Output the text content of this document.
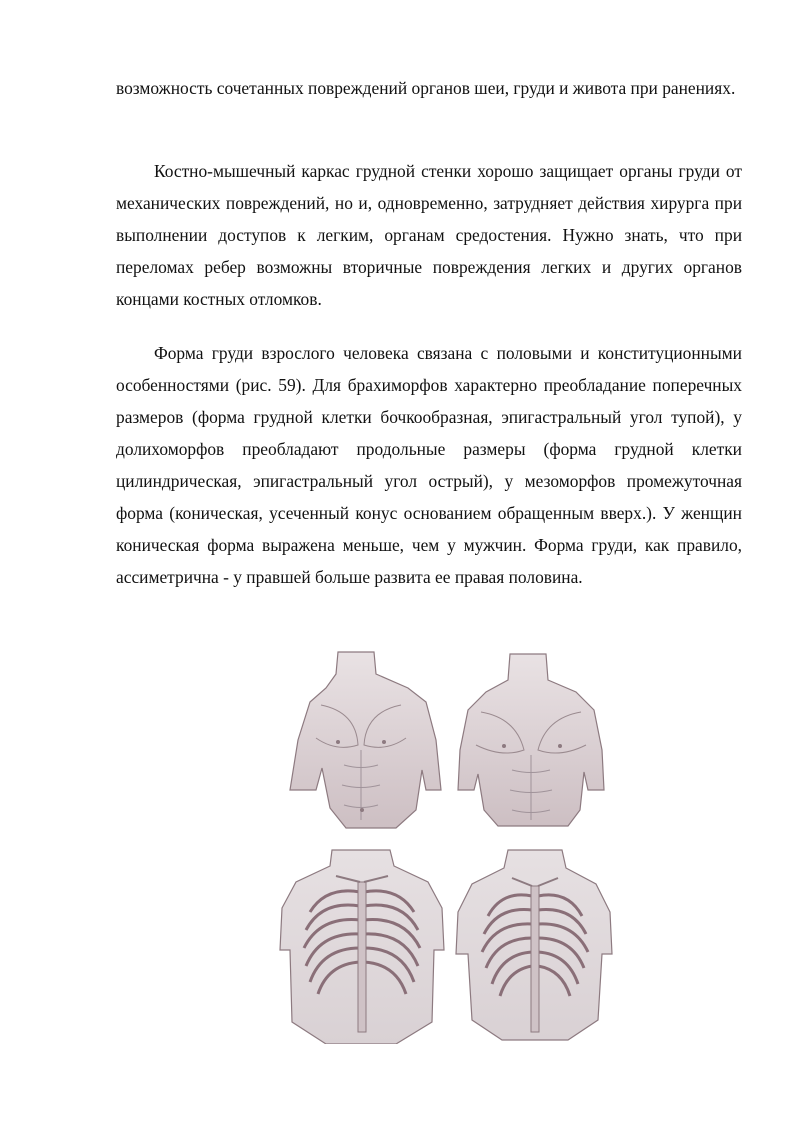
возможность сочетанных повреждений органов шеи, груди и живота при ранениях.

Костно-мышечный каркас грудной стенки хорошо защищает органы груди от механических повреждений, но и, одновременно, затрудняет действия хирурга при выполнении доступов к легким, органам средостения. Нужно знать, что при переломах ребер возможны вторичные повреждения легких и других органов концами костных отломков.

Форма груди взрослого человека связана с половыми и конституционными особенностями (рис. 59). Для брахиморфов характерно преобладание поперечных размеров (форма грудной клетки бочкообразная, эпигастральный угол тупой), у долихоморфов преобладают продольные размеры (форма грудной клетки цилиндрическая, эпигастральный угол острый), у мезоморфов промежуточная форма (коническая, усеченный конус основанием обращенным вверх.). У женщин коническая форма выражена меньше, чем у мужчин. Форма груди, как правило, ассиметрична - у правшей больше развита ее правая половина.
